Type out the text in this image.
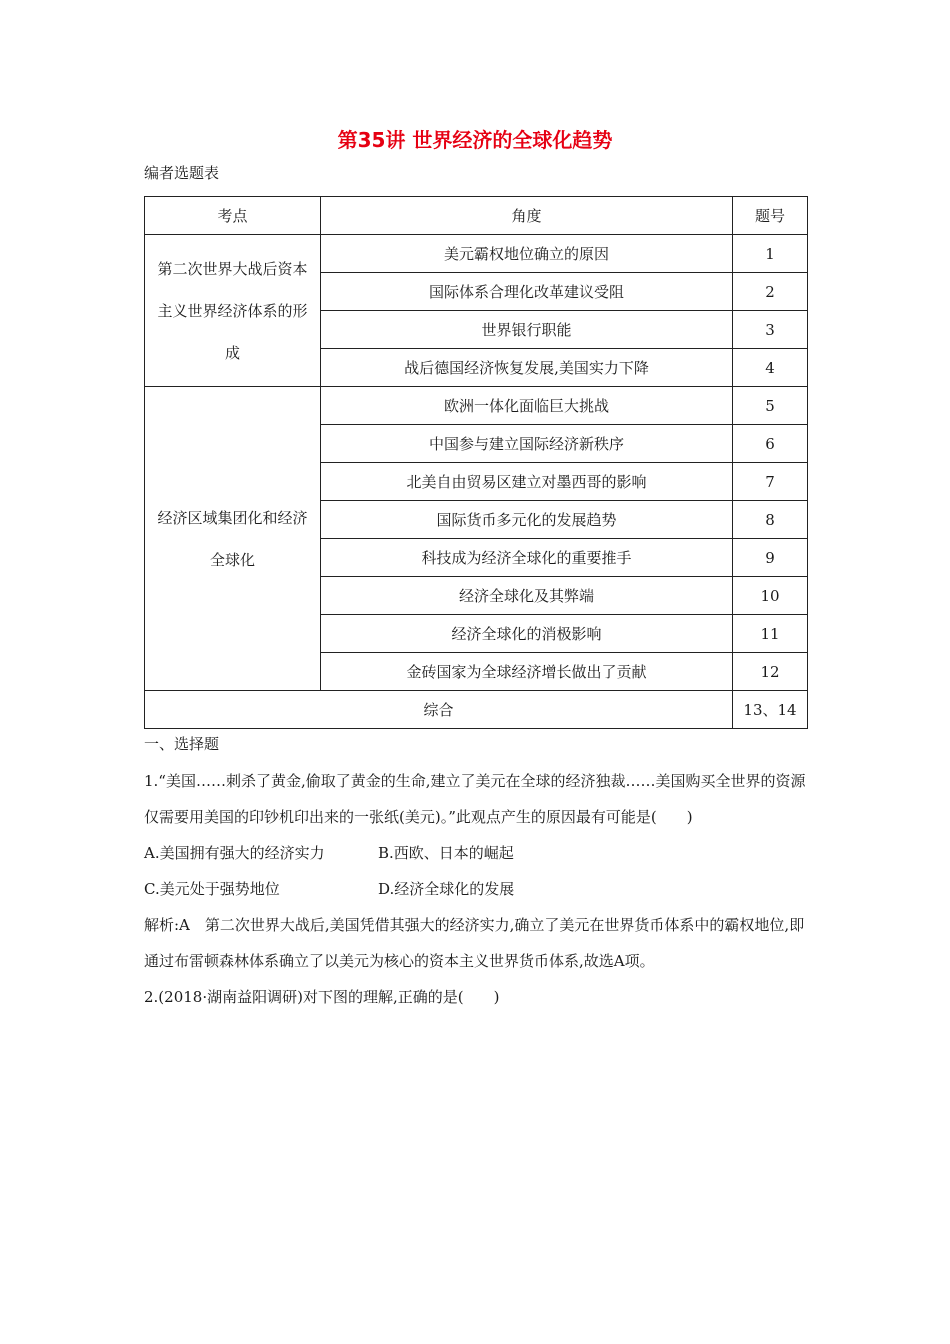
第35讲 世界经济的全球化趋势
编者选题表
考点	角度	题号
第二次世界大战后资本主义世界经济体系的形成	美元霸权地位确立的原因	1
	国际体系合理化改革建议受阻	2
	世界银行职能	3
	战后德国经济恢复发展,美国实力下降	4
经济区域集团化和经济全球化	欧洲一体化面临巨大挑战	5
	中国参与建立国际经济新秩序	6
	北美自由贸易区建立对墨西哥的影响	7
	国际货币多元化的发展趋势	8
	科技成为经济全球化的重要推手	9
	经济全球化及其弊端	10
	经济全球化的消极影响	11
	金砖国家为全球经济增长做出了贡献	12
综合		13、14

一、选择题

1.“美国……刺杀了黄金,偷取了黄金的生命,建立了美元在全球的经济独裁……美国购买全世界的资源仅需要用美国的印钞机印出来的一张纸(美元)。”此观点产生的原因最有可能是(　　)

A.美国拥有强大的经济实力	B.西欧、日本的崛起
C.美元处于强势地位	D.经济全球化的发展

解析:A　第二次世界大战后,美国凭借其强大的经济实力,确立了美元在世界货币体系中的霸权地位,即通过布雷顿森林体系确立了以美元为核心的资本主义世界货币体系,故选A项。

2.(2018·湖南益阳调研)对下图的理解,正确的是(　　)
